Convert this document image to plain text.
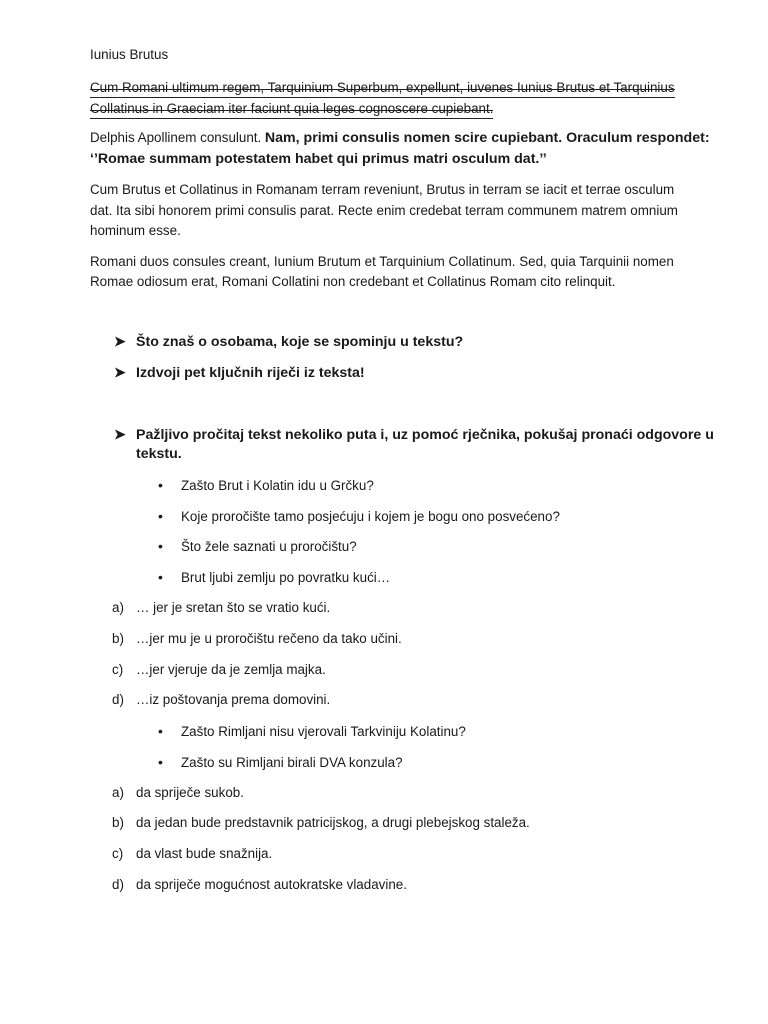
Iunius Brutus
Cum Romani ultimum regem, Tarquinium Superbum, expellunt, iuvenes Iunius Brutus et Tarquinius
Collatinus in Graeciam iter faciunt quia leges cognoscere cupiebant.
Delphis Apollinem consulunt. Nam, primi consulis nomen scire cupiebant. Oraculum respondet:
‘’Romae summam potestatem habet qui primus matri osculum dat.’’
Cum Brutus et Collatinus in Romanam terram reveniunt, Brutus in terram se iacit et terrae osculum
dat. Ita sibi honorem primi consulis parat. Recte enim credebat terram communem matrem omnium
hominum esse.
Romani duos consules creant, Iunium Brutum et Tarquinium Collatinum. Sed, quia Tarquinii nomen
Romae odiosum erat, Romani Collatini non credebant et Collatinus Romam cito relinquit.
➤ Što znaš o osobama, koje se spominju u tekstu?
➤ Izdvoji pet ključnih riječi iz teksta!
➤ Pažljivo pročitaj tekst nekoliko puta i, uz pomoć rječnika, pokušaj pronaći odgovore u
tekstu.
• Zašto Brut i Kolatin idu u Grčku?
• Koje proročište tamo posjećuju i kojem je bogu ono posvećeno?
• Što žele saznati u proročištu?
• Brut ljubi zemlju po povratku kući…
a) … jer je sretan što se vratio kući.
b) …jer mu je u proročištu rečeno da tako učini.
c) …jer vjeruje da je zemlja majka.
d) …iz poštovanja prema domovini.
• Zašto Rimljani nisu vjerovali Tarkviniju Kolatinu?
• Zašto su Rimljani birali DVA konzula?
a) da spriječe sukob.
b) da jedan bude predstavnik patricijskog, a drugi plebejskog staleža.
c) da vlast bude snažnija.
d) da spriječe mogućnost autokratske vladavine.
